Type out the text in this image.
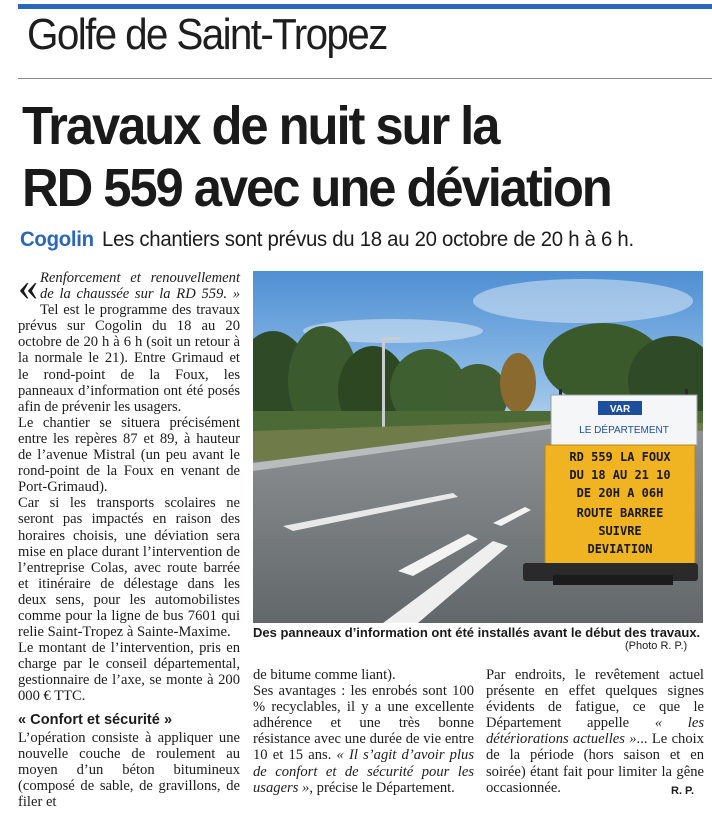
Golfe de Saint-Tropez
Travaux de nuit sur la
RD 559 avec une déviation
Cogolin Les chantiers sont prévus du 18 au 20 octobre de 20 h à 6 h.

« Renforcement et renouvellement de la chaussée sur la RD 559. » Tel est le programme des travaux prévus sur Cogolin du 18 au 20 octobre de 20 h à 6 h (soit un retour à la normale le 21). Entre Grimaud et le rond-point de la Foux, les panneaux d’information ont été posés afin de prévenir les usagers.

Le chantier se situera précisément entre les repères 87 et 89, à hauteur de l’avenue Mistral (un peu avant le rond-point de la Foux en venant de Port-Grimaud).

Car si les transports scolaires ne seront pas impactés en raison des horaires choisis, une déviation sera mise en place durant l’intervention de l’entreprise Colas, avec route barrée et itinéraire de délestage dans les deux sens, pour les automobilistes comme pour la ligne de bus 7601 qui relie Saint-Tropez à Sainte-Maxime.

Le montant de l’intervention, pris en charge par le conseil départemental, gestionnaire de l’axe, se monte à 200 000 € TTC.

« Confort et sécurité »

L’opération consiste à appliquer une nouvelle couche de roulement au moyen d’un béton bitumineux (composé de sable, de gravillons, de filer et

VAR
LE DÉPARTEMENT
RD 559 LA FOUX
DU 18 AU 21 10
DE 20H A 06H
ROUTE BARREE
SUIVRE
DEVIATION
Des panneaux d’information ont été installés avant le début des travaux.
(Photo R. P.)

de bitume comme liant).

Ses avantages : les enrobés sont 100 % recyclables, il y a une excellente adhérence et une très bonne résistance avec une durée de vie entre 10 et 15 ans. « Il s’agit d’avoir plus de confort et de sécurité pour les usagers », précise le Département.

Par endroits, le revêtement actuel présente en effet quelques signes évidents de fatigue, ce que le Département appelle « les détériorations actuelles »... Le choix de la période (hors saison et en soirée) étant fait pour limiter la gêne occasionnée.	R. P.
